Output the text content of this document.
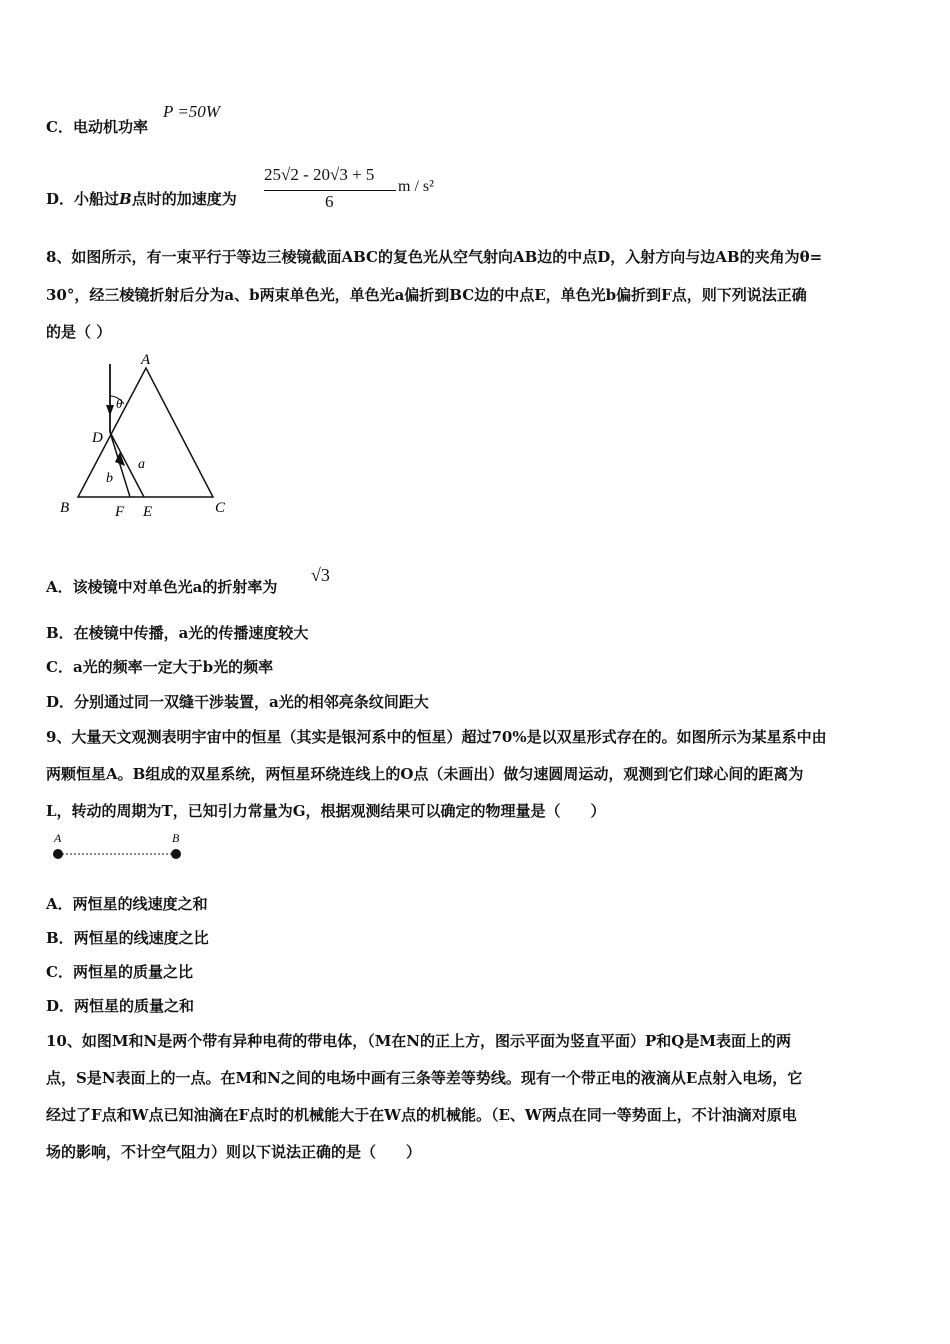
C．电动机功率
P =50W
D．小船过B点时的加速度为
25√2 - 20√3 + 5
6
m / s²
8、如图所示，有一束平行于等边三棱镜截面ABC的复色光从空气射向AB边的中点D，入射方向与边AB的夹角为θ=
30°，经三棱镜折射后分为a、b两束单色光，单色光a偏折到BC边的中点E，单色光b偏折到F点，则下列说法正确
的是（ ）
A
B	C
D
E
F
a
b
θ
A．该棱镜中对单色光a的折射率为
√3
B．在棱镜中传播，a光的传播速度较大
C．a光的频率一定大于b光的频率
D．分别通过同一双缝干涉装置，a光的相邻亮条纹间距大
9、大量天文观测表明宇宙中的恒星（其实是银河系中的恒星）超过70%是以双星形式存在的。如图所示为某星系中由
两颗恒星A。B组成的双星系统，两恒星环绕连线上的O点（未画出）做匀速圆周运动，观测到它们球心间的距离为
L，转动的周期为T，已知引力常量为G，根据观测结果可以确定的物理量是（　　）
A	B
A．两恒星的线速度之和
B．两恒星的线速度之比
C．两恒星的质量之比
D．两恒星的质量之和
10、如图M和N是两个带有异种电荷的带电体，（M在N的正上方，图示平面为竖直平面）P和Q是M表面上的两
点，S是N表面上的一点。在M和N之间的电场中画有三条等差等势线。现有一个带正电的液滴从E点射入电场，它
经过了F点和W点已知油滴在F点时的机械能大于在W点的机械能。（E、W两点在同一等势面上，不计油滴对原电
场的影响，不计空气阻力）则以下说法正确的是（　　）
